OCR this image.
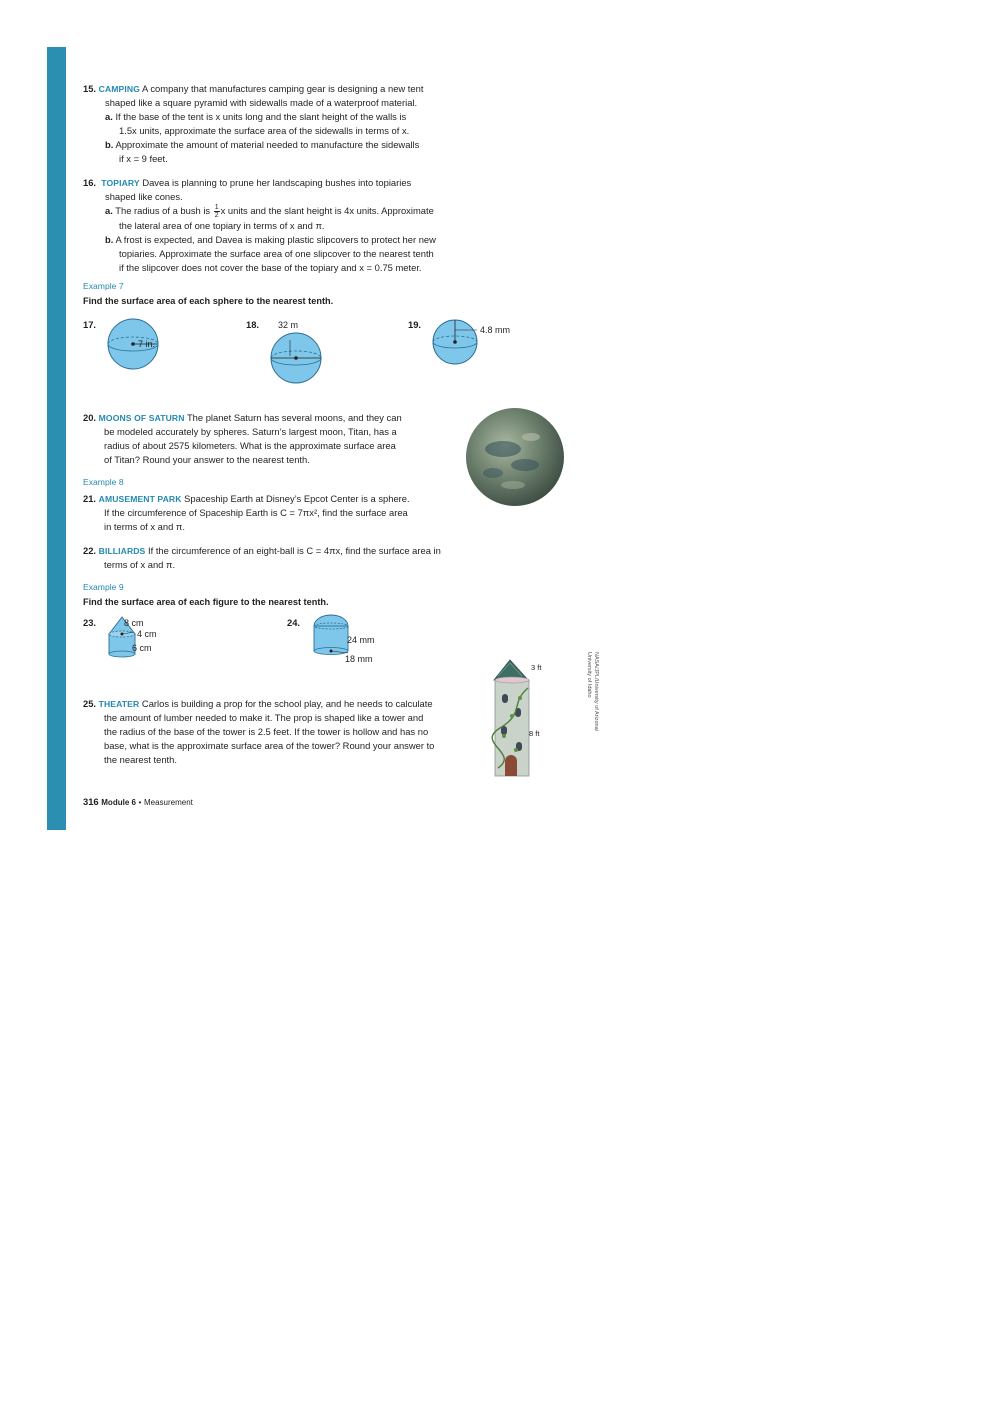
15. CAMPING A company that manufactures camping gear is designing a new tent
shaped like a square pyramid with sidewalls made of a waterproof material.
a. If the base of the tent is x units long and the slant height of the walls is
1.5x units, approximate the surface area of the sidewalls in terms of x.
b. Approximate the amount of material needed to manufacture the sidewalls
if x = 9 feet.
16. TOPIARY Davea is planning to prune her landscaping bushes into topiaries
shaped like cones.
a. The radius of a bush is $\frac{1}{2}$ x units and the slant height is 4x units. Approximate
the lateral area of one topiary in terms of x and π.
b. A frost is expected, and Davea is making plastic slipcovers to protect her new
topiaries. Approximate the surface area of one slipcover to the nearest tenth
if the slipcover does not cover the base of the topiary and x = 0.75 meter.
Example 7
Find the surface area of each sphere to the nearest tenth.
17.
7 in.
18. 32 m	19.	4.8 mm
20. MOONS OF SATURN The planet Saturn has several moons, and they can
be modeled accurately by spheres. Saturn’s largest moon, Titan, has a
radius of about 2575 kilometers. What is the approximate surface area
of Titan? Round your answer to the nearest tenth.
Example 8
21. AMUSEMENT PARK Spaceship Earth at Disney’s Epcot Center is a sphere.
If the circumference of Spaceship Earth is C = 7πx², find the surface area
in terms of x and π.
22. BILLIARDS If the circumference of an eight-ball is C = 4πx, find the surface area in
terms of x and π.
Example 9
Find the surface area of each figure to the nearest tenth.
23.	8 cm
4 cm
6 cm
24.
24 mm
18 mm
3 ft
8 ft
NASA/JPL/University of Arizona/
University of Idaho
25. THEATER Carlos is building a prop for the school play, and he needs to calculate
the amount of lumber needed to make it. The prop is shaped like a tower and
the radius of the base of the tower is 2.5 feet. If the tower is hollow and has no
base, what is the approximate surface area of the tower? Round your answer to
the nearest tenth.
316 Module 6 • Measurement
